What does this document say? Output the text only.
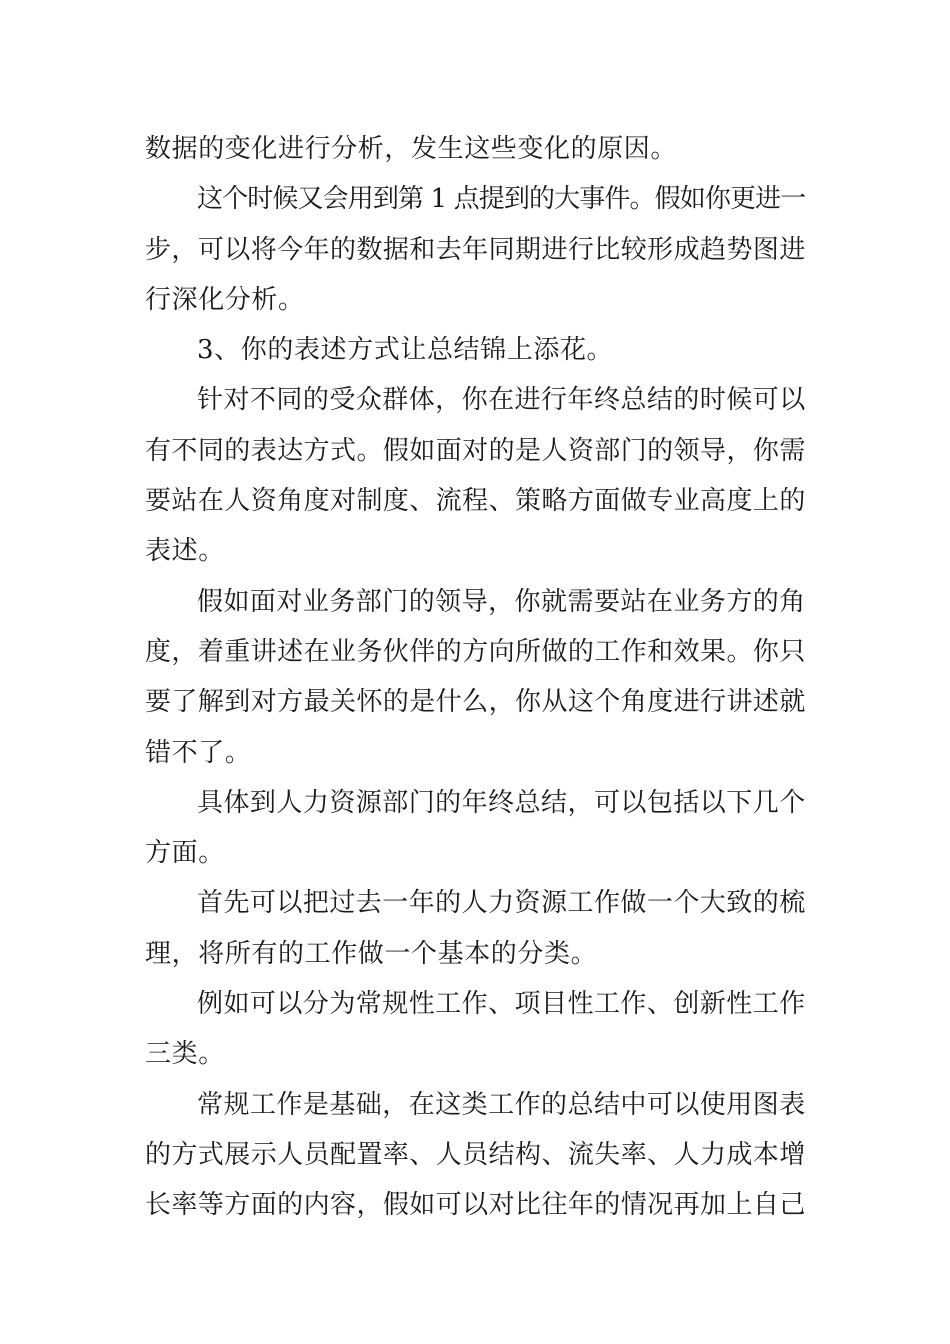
数据的变化进行分析，发生这些变化的原因。

这个时候又会用到第 1 点提到的大事件。假如你更进一
步，可以将今年的数据和去年同期进行比较形成趋势图进
行深化分析。

3、你的表述方式让总结锦上添花。

针对不同的受众群体，你在进行年终总结的时候可以
有不同的表达方式。假如面对的是人资部门的领导，你需
要站在人资角度对制度、流程、策略方面做专业高度上的
表述。

假如面对业务部门的领导，你就需要站在业务方的角
度，着重讲述在业务伙伴的方向所做的工作和效果。你只
要了解到对方最关怀的是什么，你从这个角度进行讲述就
错不了。

具体到人力资源部门的年终总结，可以包括以下几个
方面。

首先可以把过去一年的人力资源工作做一个大致的梳
理，将所有的工作做一个基本的分类。

例如可以分为常规性工作、项目性工作、创新性工作
三类。

常规工作是基础，在这类工作的总结中可以使用图表
的方式展示人员配置率、人员结构、流失率、人力成本增
长率等方面的内容，假如可以对比往年的情况再加上自己
